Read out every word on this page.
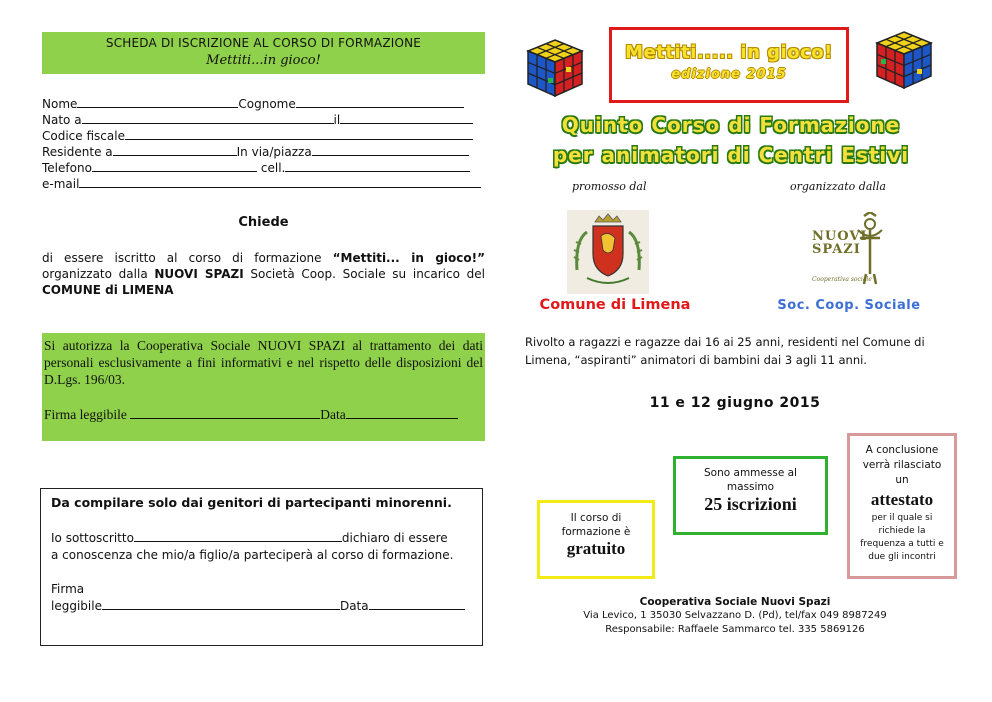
SCHEDA DI ISCRIZIONE AL CORSO DI FORMAZIONE
Mettiti...in gioco!
Nome	Cognome
Nato a	il
Codice fiscale
Residente a	In via/piazza
Telefono	cell.
e-mail
Chiede
di essere iscritto al corso di formazione “Mettiti... in gioco!” organizzato dalla NUOVI SPAZI Società Coop. Sociale su incarico del COMUNE di LIMENA
Si autorizza la Cooperativa Sociale NUOVI SPAZI al trattamento dei dati personali esclusivamente a fini informativi e nel rispetto delle disposizioni del D.Lgs. 196/03.
Firma leggibile	Data
Da compilare solo dai genitori di partecipanti minorenni.
Io sottoscritto	dichiaro di essere
a conoscenza che mio/a figlio/a parteciperà al corso di formazione.
Firma
leggibile	Data
Mettiti..... in gioco!
edizione 2015
Quinto Corso di Formazione
per animatori di Centri Estivi
promosso dal	organizzato dalla
Comune di Limena
NUOVI SPAZI
Cooperativa sociale
Soc. Coop. Sociale
Rivolto a ragazzi e ragazze dai 16 ai 25 anni, residenti nel Comune di Limena, “aspiranti” animatori di bambini dai 3 agli 11 anni.
11 e 12 giugno 2015
Il corso di formazione è
gratuito
Sono ammesse al massimo
25 iscrizioni
A conclusione verrà rilasciato un
attestato
per il quale si richiede la frequenza a tutti e due gli incontri
Cooperativa Sociale Nuovi Spazi
Via Levico, 1 35030 Selvazzano D. (Pd), tel/fax 049 8987249
Responsabile: Raffaele Sammarco tel. 335 5869126
